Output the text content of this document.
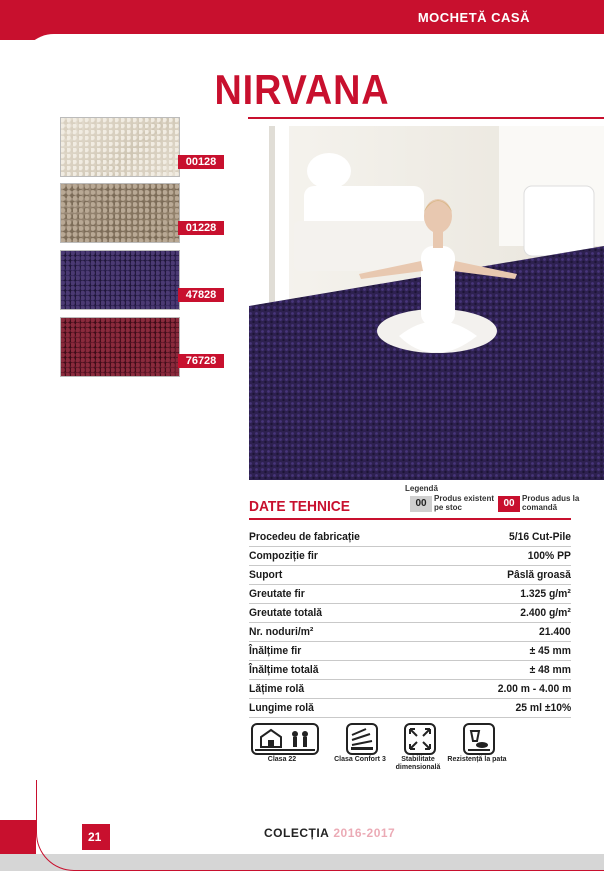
MOCHETĂ CASĂ
NIRVANA
00128
01228
47828
76728
DATE TEHNICE
Legendă
00 Produs existent pe stoc	00 Produs adus la comandă
Procedeu de fabricație	5/16 Cut-Pile
Compoziție fir	100% PP
Suport	Pâslă groasă
Greutate fir	1.325 g/m²
Greutate totală	2.400 g/m²
Nr. noduri/m²	21.400
Înălțime fir	± 45 mm
Înălțime totală	± 48 mm
Lățime rolă	2.00 m - 4.00 m
Lungime rolă	25 ml ±10%
Clasa 22	Clasa Confort 3	Stabilitate dimensională
Rezistență la pata
21	COLECȚIA 2016-2017
